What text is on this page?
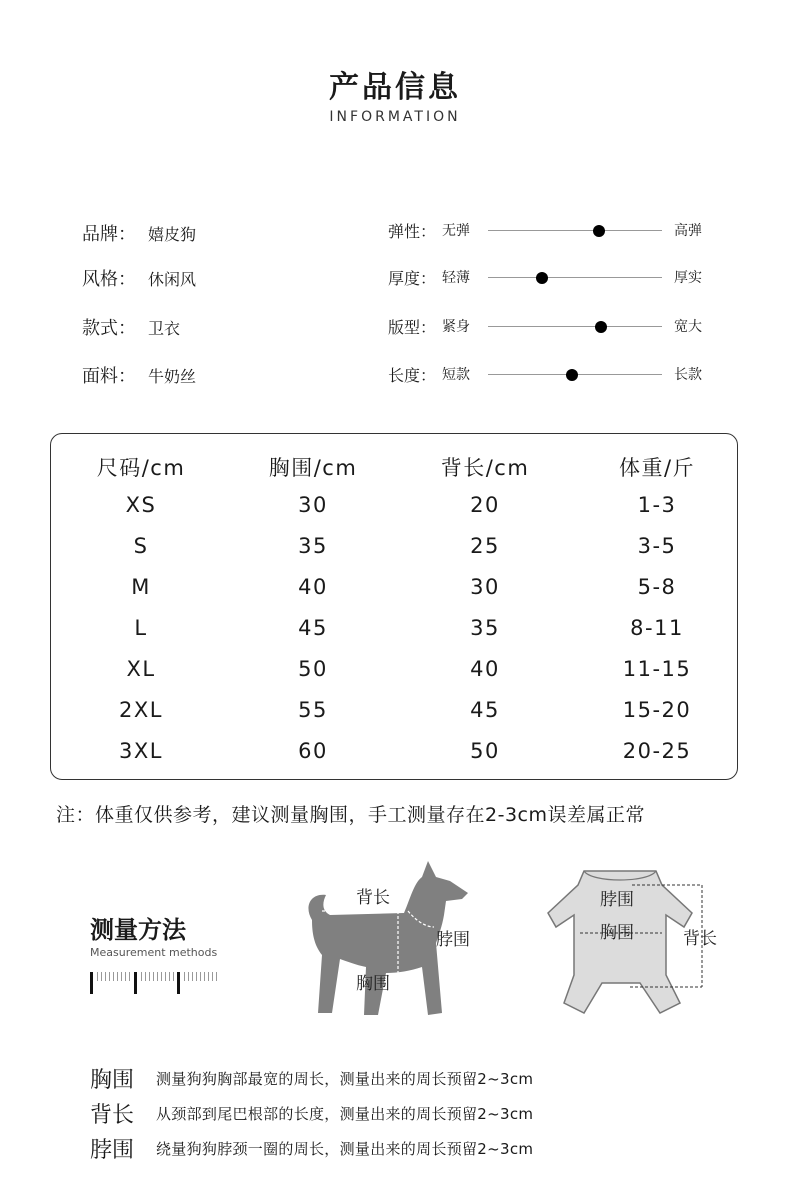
产品信息
INFORMATION
品牌： 嬉皮狗
风格： 休闲风
款式： 卫衣
面料： 牛奶丝
弹性： 无弹	高弹
厚度： 轻薄	厚实
版型： 紧身	宽大
长度： 短款	长款
尺码/cm	胸围/cm	背长/cm	体重/斤
XS	30	20	1-3
S	35	25	3-5
M	40	30	5-8
L	45	35	8-11
XL	50	40	11-15
2XL	55	45	15-20
3XL	60	50	20-25
注：体重仅供参考，建议测量胸围，手工测量存在2-3cm误差属正常
测量方法
Measurement methods
背长
脖围
胸围
脖围
胸围	背长
胸围 测量狗狗胸部最宽的周长，测量出来的周长预留2~3cm
背长 从颈部到尾巴根部的长度，测量出来的周长预留2~3cm
脖围 绕量狗狗脖颈一圈的周长，测量出来的周长预留2~3cm
